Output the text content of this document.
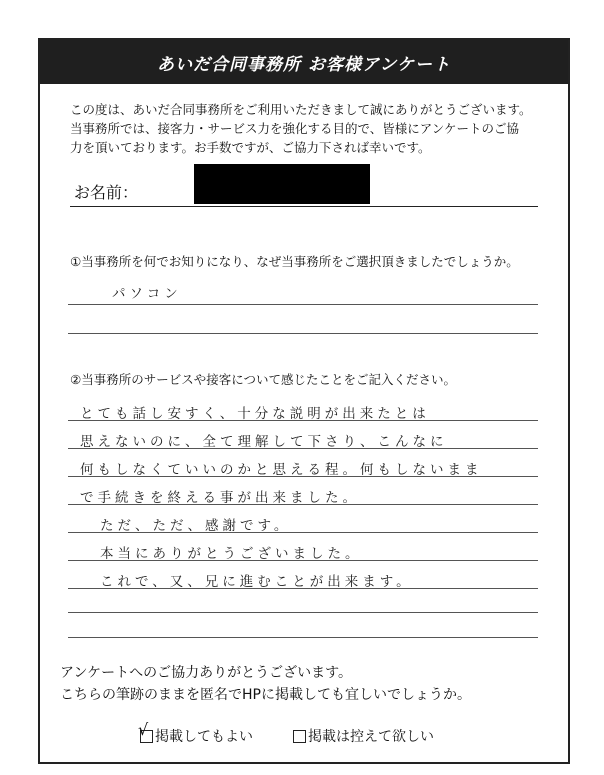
あいだ合同事務所 お客様アンケート
この度は、あいだ合同事務所をご利用いただきまして誠にありがとうございます。
当事務所では、接客力・サービス力を強化する目的で、皆様にアンケートのご協
力を頂いております。お手数ですが、ご協力下されば幸いです。
お名前：
①当事務所を何でお知りになり、なぜ当事務所をご選択頂きましたでしょうか。
パソコン
②当事務所のサービスや接客について感じたことをご記入ください。
とても話し安すく、十分な説明が出来たとは
思えないのに、全て理解して下さり、こんなに
何もしなくていいのかと思える程。何もしないまま
で手続きを終える事が出来ました。
ただ、ただ、感謝です。
本当にありがとうございました。
これで、又、兄に進むことが出来ます。
アンケートへのご協力ありがとうございます。
こちらの筆跡のままを匿名でHPに掲載しても宜しいでしょうか。
√ 掲載してもよい	掲載は控えて欲しい
